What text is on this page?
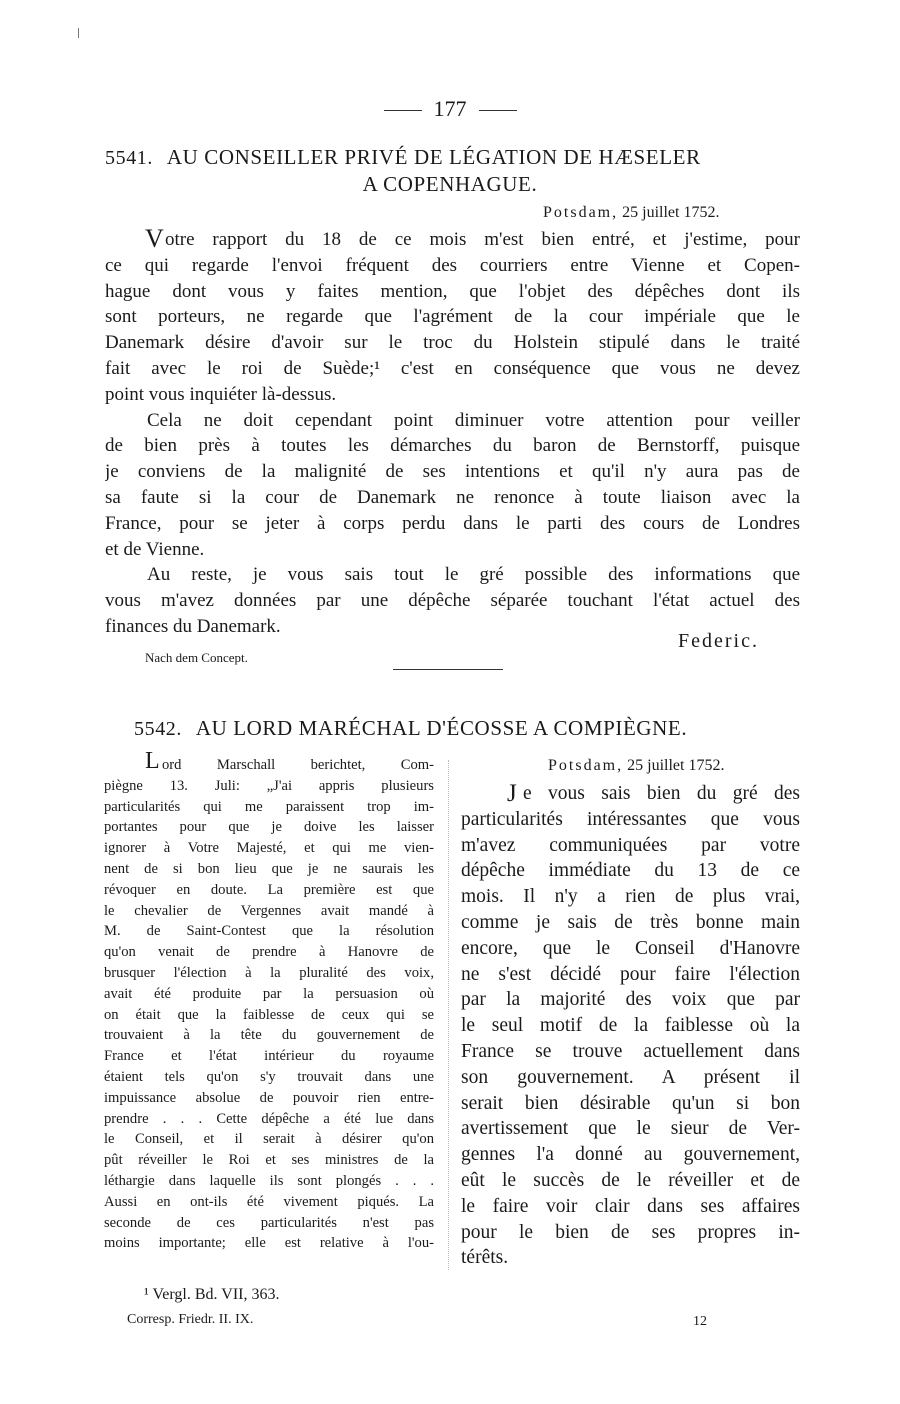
177
5541. AU CONSEILLER PRIVÉ DE LÉGATION DE HÆSELER
A COPENHAGUE.
Potsdam, 25 juillet 1752.
V otre rapport du 18 de ce mois m'est bien entré, et j'estime, pour
ce qui regarde l'envoi fréquent des courriers entre Vienne et Copen-
hague dont vous y faites mention, que l'objet des dépêches dont ils
sont porteurs, ne regarde que l'agrément de la cour impériale que le
Danemark désire d'avoir sur le troc du Holstein stipulé dans le traité
fait avec le roi de Suède;¹ c'est en conséquence que vous ne devez
point vous inquiéter là-dessus.
Cela ne doit cependant point diminuer votre attention pour veiller
de bien près à toutes les démarches du baron de Bernstorff, puisque
je conviens de la malignité de ses intentions et qu'il n'y aura pas de
sa faute si la cour de Danemark ne renonce à toute liaison avec la
France, pour se jeter à corps perdu dans le parti des cours de Londres
et de Vienne.
Au reste, je vous sais tout le gré possible des informations que
vous m'avez données par une dépêche séparée touchant l'état actuel des
finances du Danemark.
Federic.
Nach dem Concept.
5542. AU LORD MARÉCHAL D'ÉCOSSE A COMPIÈGNE.
L ord Marschall berichtet, Com-
piègne 13. Juli: „J'ai appris plusieurs
particularités qui me paraissent trop im-
portantes pour que je doive les laisser
ignorer à Votre Majesté, et qui me vien-
nent de si bon lieu que je ne saurais les
révoquer en doute. La première est que
le chevalier de Vergennes avait mandé à
M. de Saint-Contest que la résolution
qu'on venait de prendre à Hanovre de
brusquer l'élection à la pluralité des voix,
avait été produite par la persuasion où
on était que la faiblesse de ceux qui se
trouvaient à la tête du gouvernement de
France et l'état intérieur du royaume
étaient tels qu'on s'y trouvait dans une
impuissance absolue de pouvoir rien entre-
prendre . . . Cette dépêche a été lue dans
le Conseil, et il serait à désirer qu'on
pût réveiller le Roi et ses ministres de la
léthargie dans laquelle ils sont plongés . . .
Aussi en ont-ils été vivement piqués. La
seconde de ces particularités n'est pas
moins importante; elle est relative à l'ou-
Potsdam, 25 juillet 1752.
J e vous sais bien du gré des
particularités intéressantes que vous
m'avez communiquées par votre
dépêche immédiate du 13 de ce
mois. Il n'y a rien de plus vrai,
comme je sais de très bonne main
encore, que le Conseil d'Hanovre
ne s'est décidé pour faire l'élection
par la majorité des voix que par
le seul motif de la faiblesse où la
France se trouve actuellement dans
son gouvernement. A présent il
serait bien désirable qu'un si bon
avertissement que le sieur de Ver-
gennes l'a donné au gouvernement,
eût le succès de le réveiller et de
le faire voir clair dans ses affaires
pour le bien de ses propres in-
térêts.
¹ Vergl. Bd. VII, 363.
Corresp. Friedr. II. IX.	12
